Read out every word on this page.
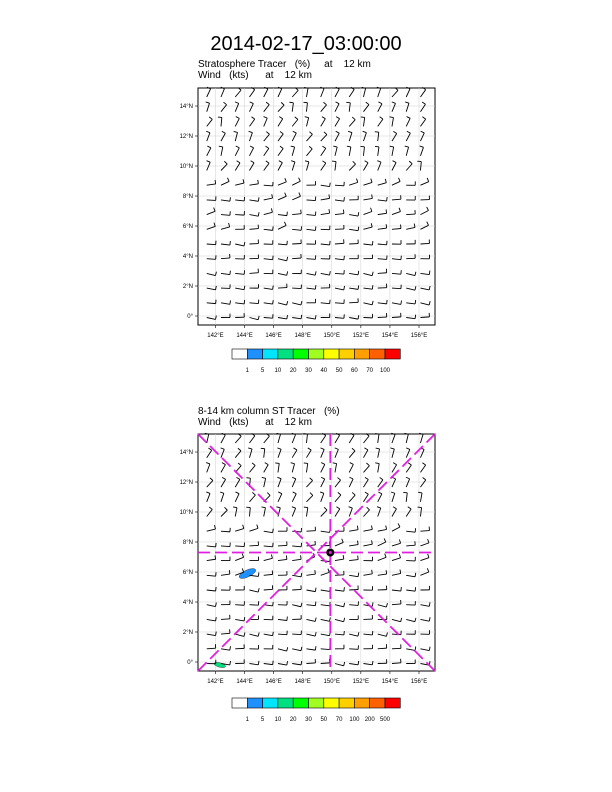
2014-02-17_03:00:00
Stratosphere Tracer   (%)     at    12 km
Wind   (kts)      at    12 km
8-14 km column ST Tracer   (%)
Wind   (kts)      at    12 km
142°E 144°E 146°E 148°E 150°E 152°E 154°E 156°E
14°N
12°N
10°N
8°N
6°N
4°N
2°N
0°
1 5 10 20 30 40 50 60 70 100
142°E 144°E 146°E 148°E 150°E 152°E 154°E 156°E
14°N
12°N
10°N
8°N
6°N
4°N
2°N
0°
1 5 10 20 30 50 70 100 200 500
